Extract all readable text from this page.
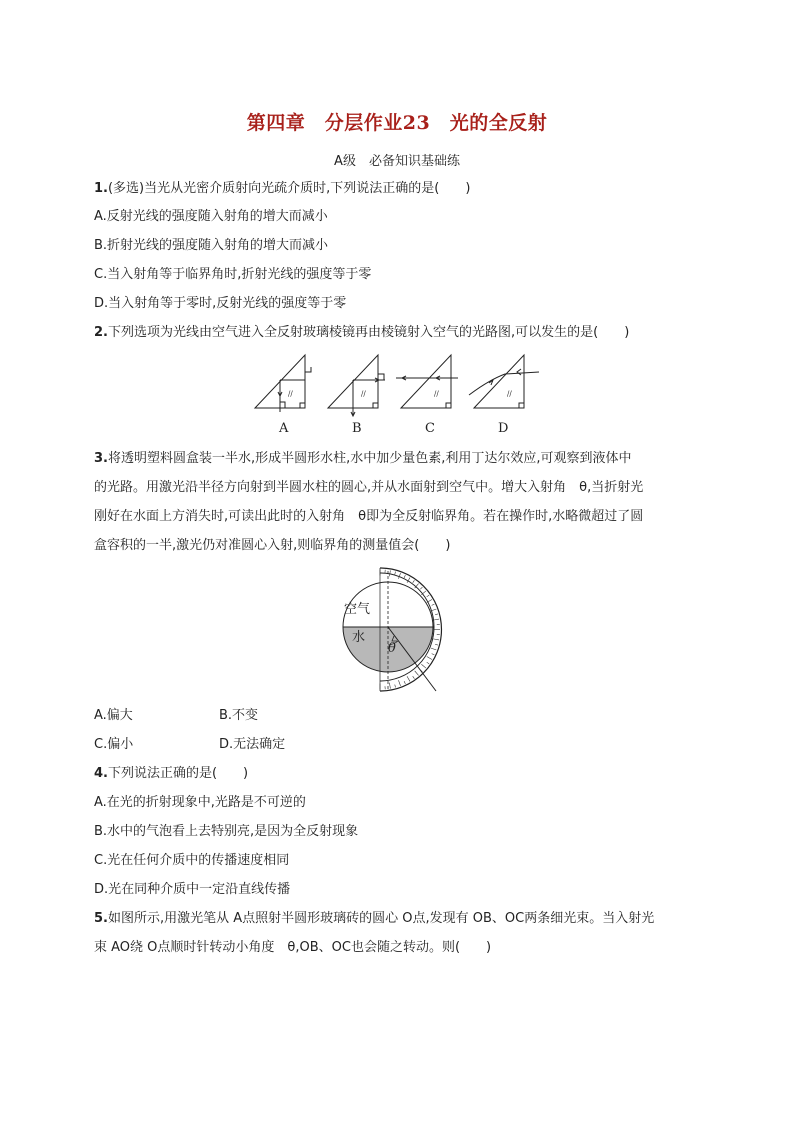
第四章　分层作业23　光的全反射
A级　必备知识基础练
1.(多选)当光从光密介质射向光疏介质时,下列说法正确的是(　　)
A.反射光线的强度随入射角的增大而减小
B.折射光线的强度随入射角的增大而减小
C.当入射角等于临界角时,折射光线的强度等于零
D.当入射角等于零时,反射光线的强度等于零
2.下列选项为光线由空气进入全反射玻璃棱镜再由棱镜射入空气的光路图,可以发生的是(　　)
//	//	//	//
A	B	C	D
3.将透明塑料圆盒装一半水,形成半圆形水柱,水中加少量色素,利用丁达尔效应,可观察到液体中
的光路。用激光沿半径方向射到半圆水柱的圆心,并从水面射到空气中。增大入射角　θ,当折射光
刚好在水面上方消失时,可读出此时的入射角　θ即为全反射临界角。若在操作时,水略微超过了圆
盒容积的一半,激光仍对准圆心入射,则临界角的测量值会(　　)
空气
水
θ
A.偏大	B.不变
C.偏小	D.无法确定
4.下列说法正确的是(　　)
A.在光的折射现象中,光路是不可逆的
B.水中的气泡看上去特别亮,是因为全反射现象
C.光在任何介质中的传播速度相同
D.光在同种介质中一定沿直线传播
5.如图所示,用激光笔从 A点照射半圆形玻璃砖的圆心 O点,发现有 OB、OC两条细光束。当入射光
束 AO绕 O点顺时针转动小角度　θ,OB、OC也会随之转动。则(　　)
